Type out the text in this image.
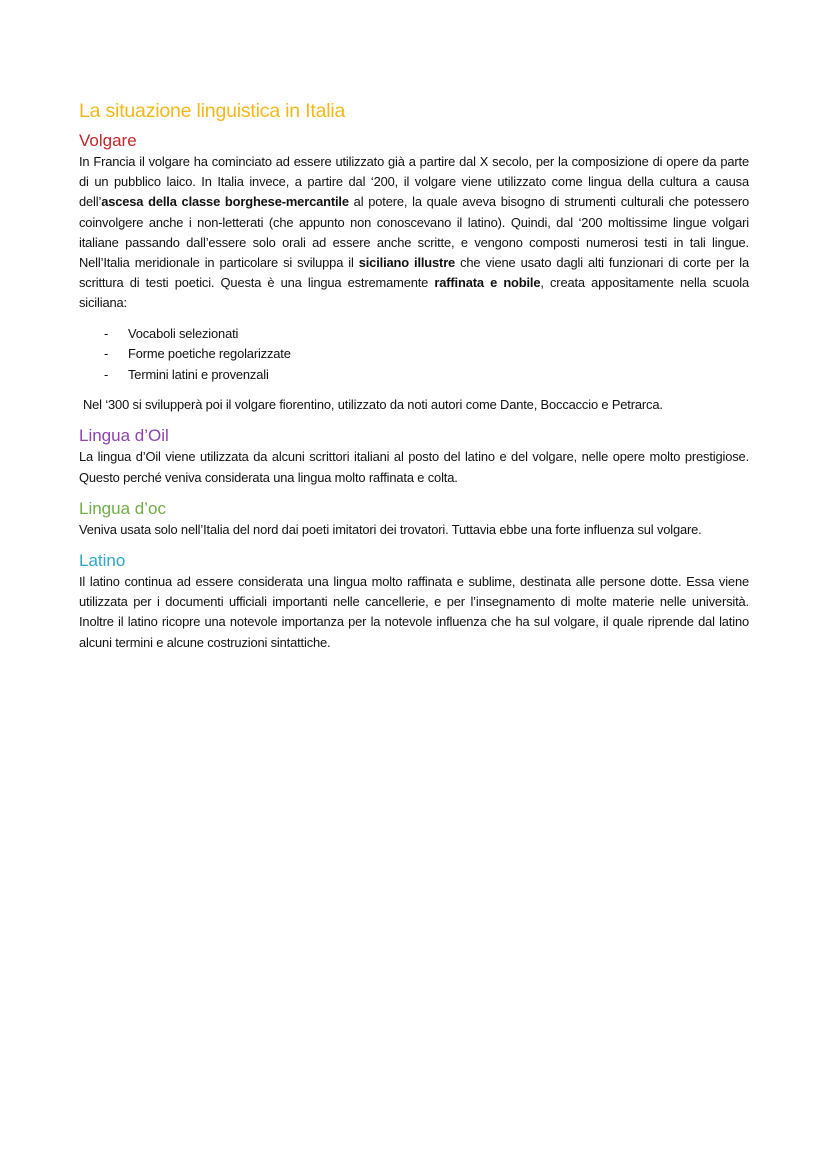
La situazione linguistica in Italia
Volgare

In Francia il volgare ha cominciato ad essere utilizzato già a partire dal X secolo, per la composizione di opere da parte di un pubblico laico. In Italia invece, a partire dal ‘200, il volgare viene utilizzato come lingua della cultura a causa dell’ascesa della classe borghese-mercantile al potere, la quale aveva bisogno di strumenti culturali che potessero coinvolgere anche i non-letterati (che appunto non conoscevano il latino). Quindi, dal ‘200 moltissime lingue volgari italiane passando dall’essere solo orali ad essere anche scritte, e vengono composti numerosi testi in tali lingue. Nell’Italia meridionale in particolare si sviluppa il siciliano illustre che viene usato dagli alti funzionari di corte per la scrittura di testi poetici. Questa è una lingua estremamente raffinata e nobile, creata appositamente nella scuola siciliana:

- Vocaboli selezionati
- Forme poetiche regolarizzate
- Termini latini e provenzali

Nel ‘300 si svilupperà poi il volgare fiorentino, utilizzato da noti autori come Dante, Boccaccio e Petrarca.

Lingua d’Oil

La lingua d’Oil viene utilizzata da alcuni scrittori italiani al posto del latino e del volgare, nelle opere molto prestigiose. Questo perché veniva considerata una lingua molto raffinata e colta.

Lingua d’oc

Veniva usata solo nell’Italia del nord dai poeti imitatori dei trovatori. Tuttavia ebbe una forte influenza sul volgare.

Latino

Il latino continua ad essere considerata una lingua molto raffinata e sublime, destinata alle persone dotte. Essa viene utilizzata per i documenti ufficiali importanti nelle cancellerie, e per l’insegnamento di molte materie nelle università. Inoltre il latino ricopre una notevole importanza per la notevole influenza che ha sul volgare, il quale riprende dal latino alcuni termini e alcune costruzioni sintattiche.
